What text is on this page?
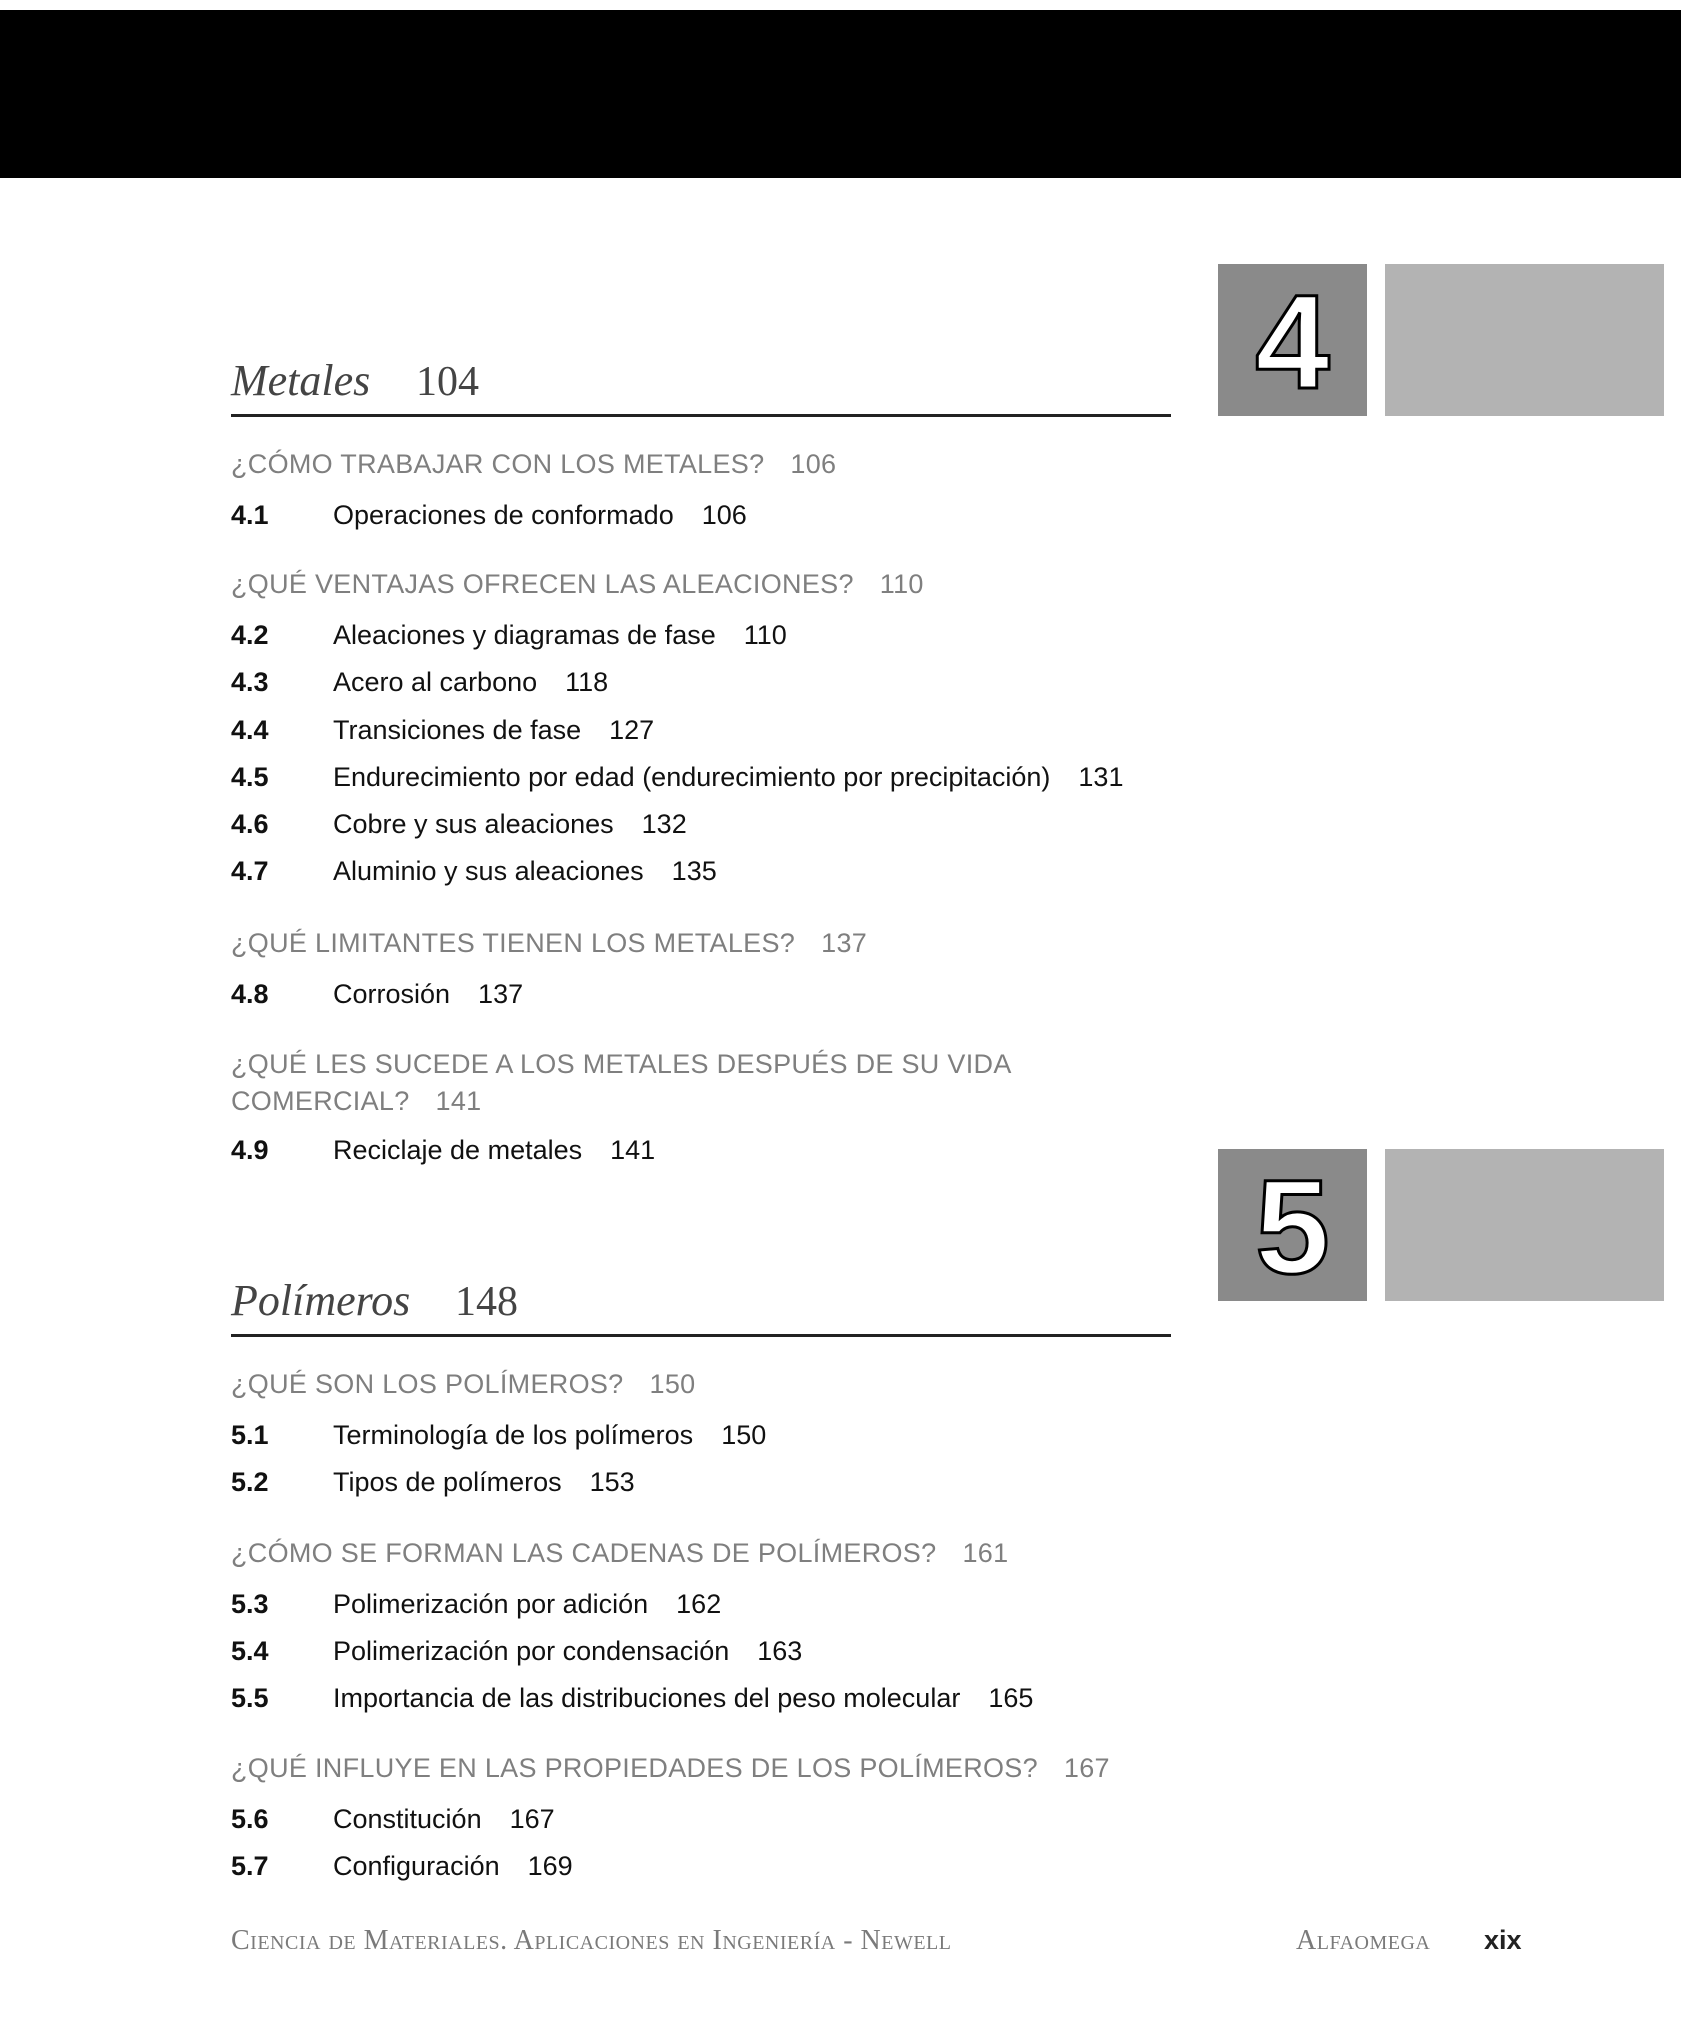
4
Metales 104
¿CÓMO TRABAJAR CON LOS METALES? 106
4.1 Operaciones de conformado 106
¿QUÉ VENTAJAS OFRECEN LAS ALEACIONES? 110
4.2 Aleaciones y diagramas de fase 110
4.3 Acero al carbono 118
4.4 Transiciones de fase 127
4.5 Endurecimiento por edad (endurecimiento por precipitación) 131
4.6 Cobre y sus aleaciones 132
4.7 Aluminio y sus aleaciones 135
¿QUÉ LIMITANTES TIENEN LOS METALES? 137
4.8 Corrosión 137
¿QUÉ LES SUCEDE A LOS METALES DESPUÉS DE SU VIDA COMERCIAL? 141
4.9 Reciclaje de metales 141
5
Polímeros 148
¿QUÉ SON LOS POLÍMEROS? 150
5.1 Terminología de los polímeros 150
5.2 Tipos de polímeros 153
¿CÓMO SE FORMAN LAS CADENAS DE POLÍMEROS? 161
5.3 Polimerización por adición 162
5.4 Polimerización por condensación 163
5.5 Importancia de las distribuciones del peso molecular 165
¿QUÉ INFLUYE EN LAS PROPIEDADES DE LOS POLÍMEROS? 167
5.6 Constitución 167
5.7 Configuración 169
Ciencia de Materiales. Aplicaciones en Ingeniería - Newell	Alfaomega xix
